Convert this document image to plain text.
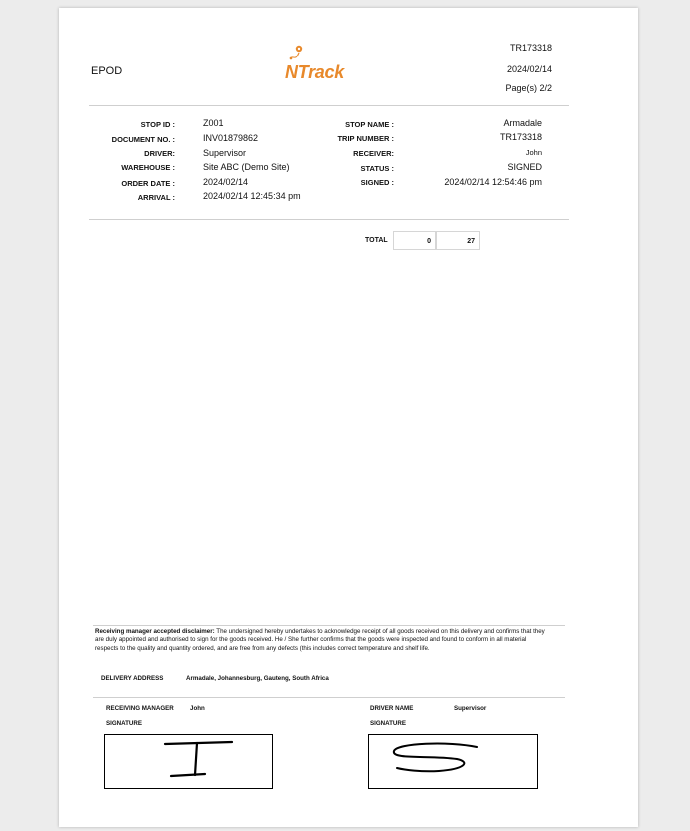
EPOD	NTrack
TR173318
2024/02/14
Page(s) 2/2
STOP ID :	Z001
DOCUMENT NO. :	INV01879862
DRIVER:	Supervisor
WAREHOUSE :	Site ABC (Demo Site)
ORDER DATE :	2024/02/14
ARRIVAL :	2024/02/14 12:45:34 pm
STOP NAME :	Armadale
TRIP NUMBER :	TR173318
RECEIVER:	John
STATUS :	SIGNED
SIGNED :	2024/02/14 12:54:46 pm
TOTAL	0	27
Receiving manager accepted disclaimer: The undersigned hereby undertakes to acknowledge receipt of all goods received on this delivery and confirms that they are duly appointed and authorised to sign for the goods received. He / She further confirms that the goods were inspected and found to conform in all material respects to the quality and quantity ordered, and are free from any defects (this includes correct temperature and shelf life.
DELIVERY ADDRESS	Armadale, Johannesburg, Gauteng, South Africa
RECEIVING MANAGER	John
SIGNATURE
DRIVER NAME	Supervisor
SIGNATURE
